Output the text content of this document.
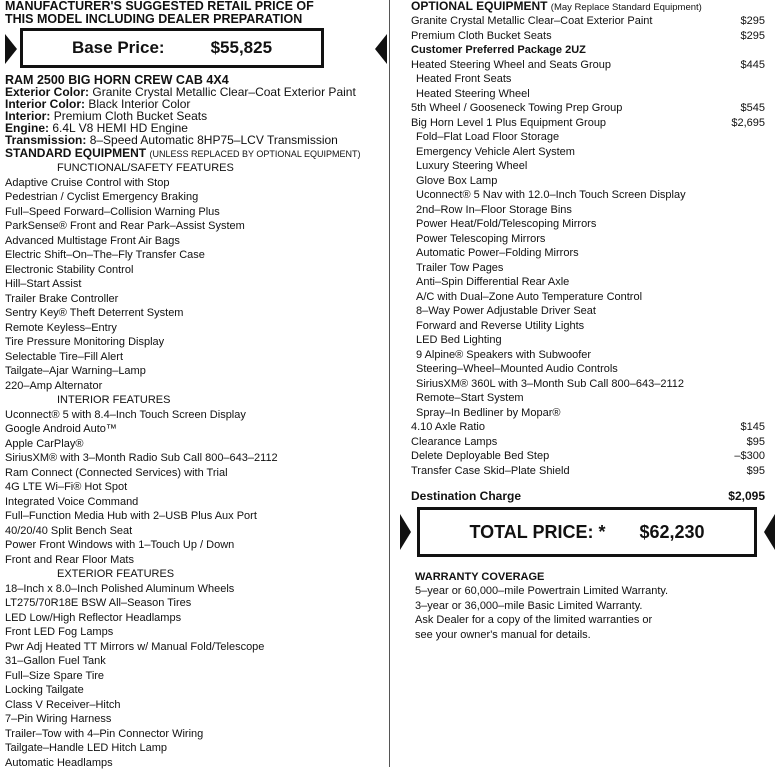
MANUFACTURER'S SUGGESTED RETAIL PRICE OF
THIS MODEL INCLUDING DEALER PREPARATION
Base Price:	$55,825
RAM 2500 BIG HORN CREW CAB 4X4
Exterior Color: Granite Crystal Metallic Clear–Coat Exterior Paint
Interior Color: Black Interior Color
Interior: Premium Cloth Bucket Seats
Engine: 6.4L V8 HEMI HD Engine
Transmission: 8–Speed Automatic 8HP75–LCV Transmission
STANDARD EQUIPMENT (UNLESS REPLACED BY OPTIONAL EQUIPMENT)
FUNCTIONAL/SAFETY FEATURES
Adaptive Cruise Control with Stop
Pedestrian / Cyclist Emergency Braking
Full–Speed Forward–Collision Warning Plus
ParkSense® Front and Rear Park–Assist System
Advanced Multistage Front Air Bags
Electric Shift–On–The–Fly Transfer Case
Electronic Stability Control
Hill–Start Assist
Trailer Brake Controller
Sentry Key® Theft Deterrent System
Remote Keyless–Entry
Tire Pressure Monitoring Display
Selectable Tire–Fill Alert
Tailgate–Ajar Warning–Lamp
220–Amp Alternator
INTERIOR FEATURES
Uconnect® 5 with 8.4–Inch Touch Screen Display
Google Android Auto™
Apple CarPlay®
SiriusXM® with 3–Month Radio Sub Call 800–643–2112
Ram Connect (Connected Services) with Trial
4G LTE Wi–Fi® Hot Spot
Integrated Voice Command
Full–Function Media Hub with 2–USB Plus Aux Port
40/20/40 Split Bench Seat
Power Front Windows with 1–Touch Up / Down
Front and Rear Floor Mats
EXTERIOR FEATURES
18–Inch x 8.0–Inch Polished Aluminum Wheels
LT275/70R18E BSW All–Season Tires
LED Low/High Reflector Headlamps
Front LED Fog Lamps
Pwr Adj Heated TT Mirrors w/ Manual Fold/Telescope
31–Gallon Fuel Tank
Full–Size Spare Tire
Locking Tailgate
Class V Receiver–Hitch
7–Pin Wiring Harness
Trailer–Tow with 4–Pin Connector Wiring
Tailgate–Handle LED Hitch Lamp
Automatic Headlamps
OPTIONAL EQUIPMENT (May Replace Standard Equipment)
Granite Crystal Metallic Clear–Coat Exterior Paint	$295
Premium Cloth Bucket Seats	$295
Customer Preferred Package 2UZ
Heated Steering Wheel and Seats Group	$445
Heated Front Seats
Heated Steering Wheel
5th Wheel / Gooseneck Towing Prep Group	$545
Big Horn Level 1 Plus Equipment Group	$2,695
Fold–Flat Load Floor Storage
Emergency Vehicle Alert System
Luxury Steering Wheel
Glove Box Lamp
Uconnect® 5 Nav with 12.0–Inch Touch Screen Display
2nd–Row In–Floor Storage Bins
Power Heat/Fold/Telescoping Mirrors
Power Telescoping Mirrors
Automatic Power–Folding Mirrors
Trailer Tow Pages
Anti–Spin Differential Rear Axle
A/C with Dual–Zone Auto Temperature Control
8–Way Power Adjustable Driver Seat
Forward and Reverse Utility Lights
LED Bed Lighting
9 Alpine® Speakers with Subwoofer
Steering–Wheel–Mounted Audio Controls
SiriusXM® 360L with 3–Month Sub Call 800–643–2112
Remote–Start System
Spray–In Bedliner by Mopar®
4.10 Axle Ratio	$145
Clearance Lamps	$95
Delete Deployable Bed Step	–$300
Transfer Case Skid–Plate Shield	$95
Destination Charge	$2,095
TOTAL PRICE: * $62,230
WARRANTY COVERAGE
5–year or 60,000–mile Powertrain Limited Warranty.
3–year or 36,000–mile Basic Limited Warranty.
Ask Dealer for a copy of the limited warranties or
see your owner's manual for details.
